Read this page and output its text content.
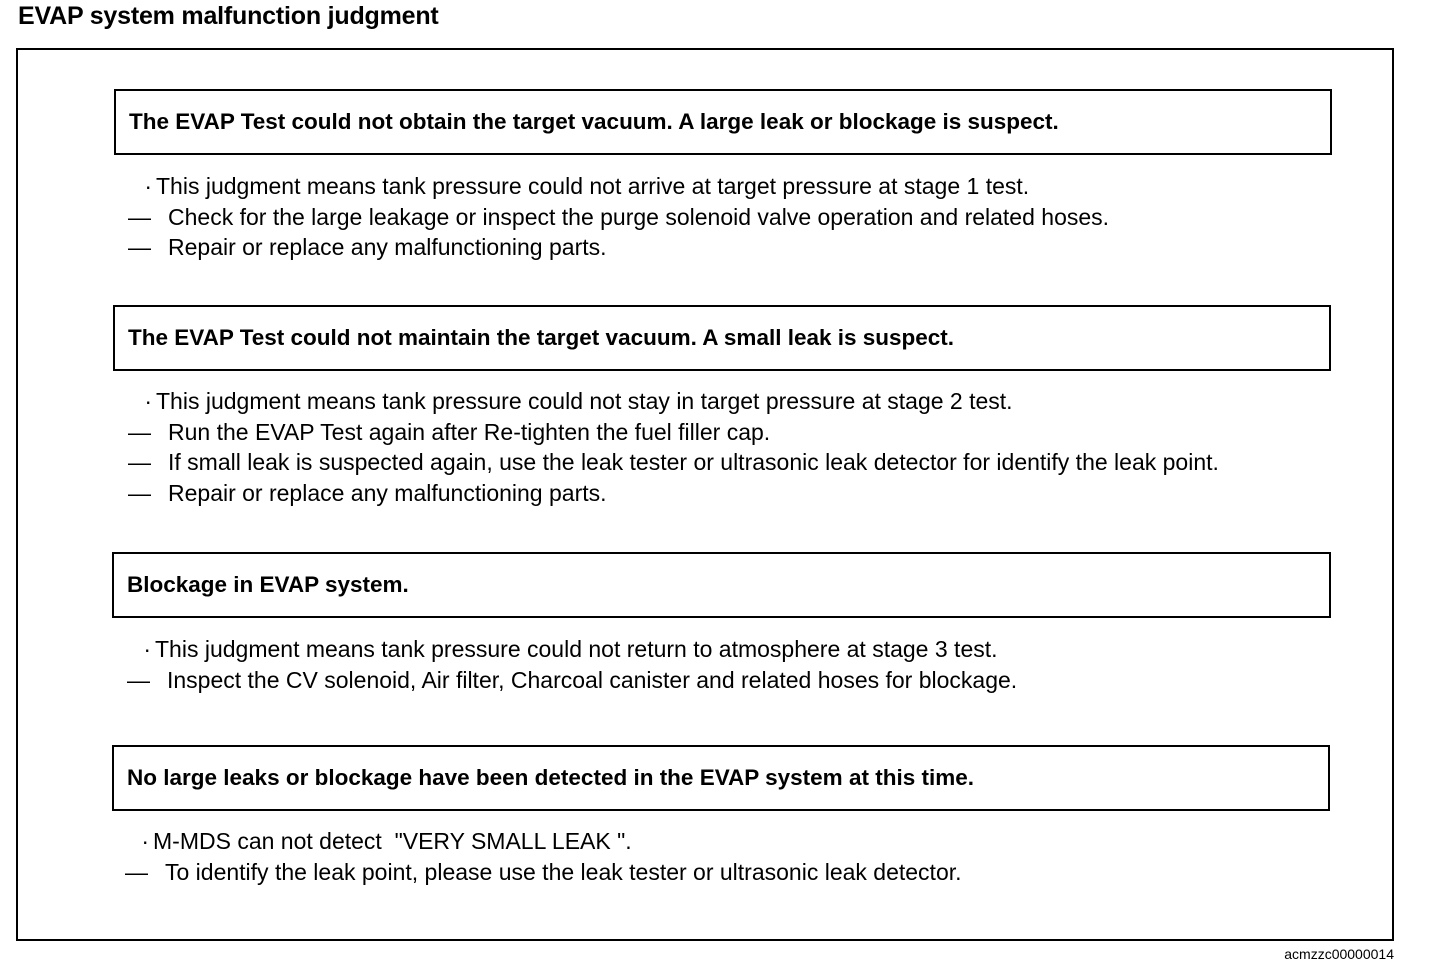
EVAP system malfunction judgment
The EVAP Test could not obtain the target vacuum. A large leak or blockage is suspect.
· This judgment means tank pressure could not arrive at target pressure at stage 1 test.
— Check for the large leakage or inspect the purge solenoid valve operation and related hoses.
— Repair or replace any malfunctioning parts.
The EVAP Test could not maintain the target vacuum. A small leak is suspect.
· This judgment means tank pressure could not stay in target pressure at stage 2 test.
— Run the EVAP Test again after Re-tighten the fuel filler cap.
— If small leak is suspected again, use the leak tester or ultrasonic leak detector for identify the leak point.
— Repair or replace any malfunctioning parts.
Blockage in EVAP system.
· This judgment means tank pressure could not return to atmosphere at stage 3 test.
— Inspect the CV solenoid, Air filter, Charcoal canister and related hoses for blockage.
No large leaks or blockage have been detected in the EVAP system at this time.
· M-MDS can not detect  "VERY SMALL LEAK ".
— To identify the leak point, please use the leak tester or ultrasonic leak detector.
acmzzc00000014
